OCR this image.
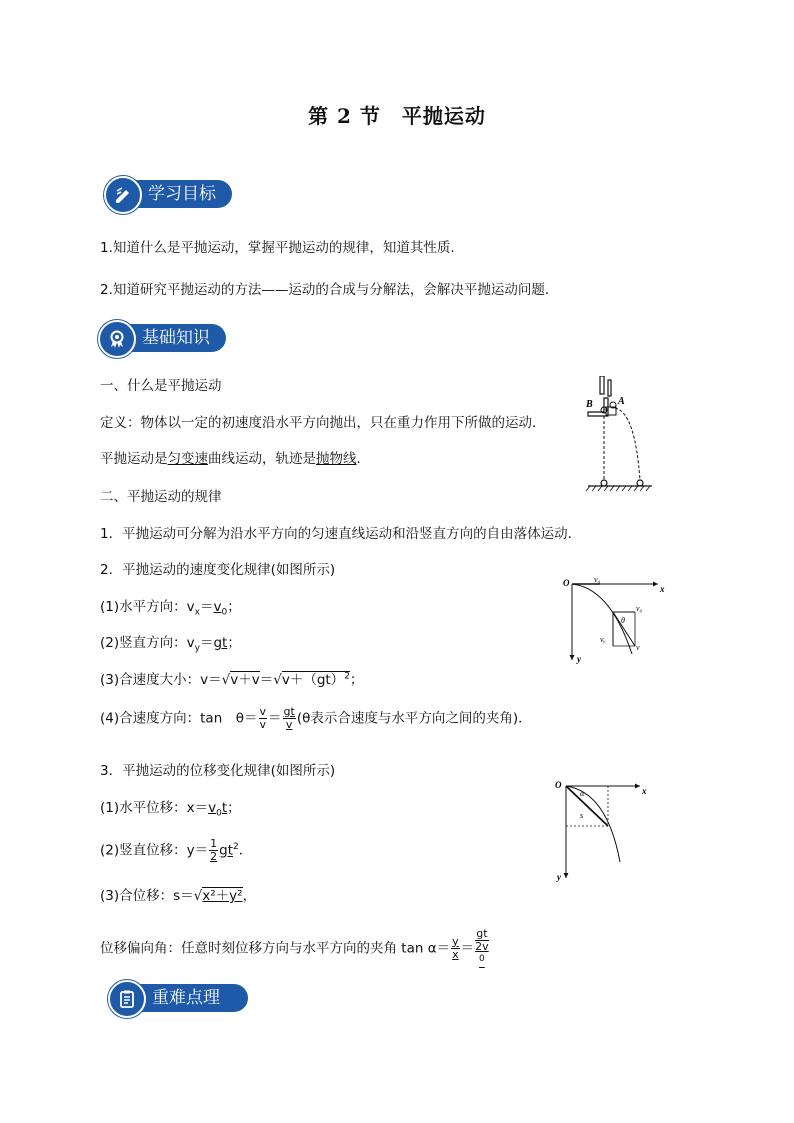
第 2 节　平抛运动
学习目标
1.知道什么是平抛运动，掌握平抛运动的规律，知道其性质.
2.知道研究平抛运动的方法——运动的合成与分解法，会解决平抛运动问题．
基础知识
一、什么是平抛运动
定义：物体以一定的初速度沿水平方向抛出，只在重力作用下所做的运动．
平抛运动是匀变速曲线运动，轨迹是抛物线．
二、平抛运动的规律
1．平抛运动可分解为沿水平方向的匀速直线运动和沿竖直方向的自由落体运动．
2．平抛运动的速度变化规律(如图所示)
(1)水平方向：$v_x=v_0$；
(2)竖直方向：$v_y=gt$；
(3)合速度大小：v＝√v＋v＝√v＋（gt）$^2$；
(4)合速度方向：tan　$\theta= \frac{v}{v} = \frac{gt}{v} (\theta$表示合速度与水平方向之间的夹角)．
3．平抛运动的位移变化规律(如图所示)
(1)水平位移：$x=v_0t$；
(2)竖直位移：$y= \frac{1}{2} gt^2$．
(3)合位移：s＝√x²＋y²，
位移偏向角：任意时刻位移方向与水平方向的夹角 $\tan \alpha= \frac{y}{x}$ ＝ gt
2v
$^0$
重难点理解
B	A
O
x
y
v₀
v₀
vᵧ
θ
v
O
x
y
α
s
